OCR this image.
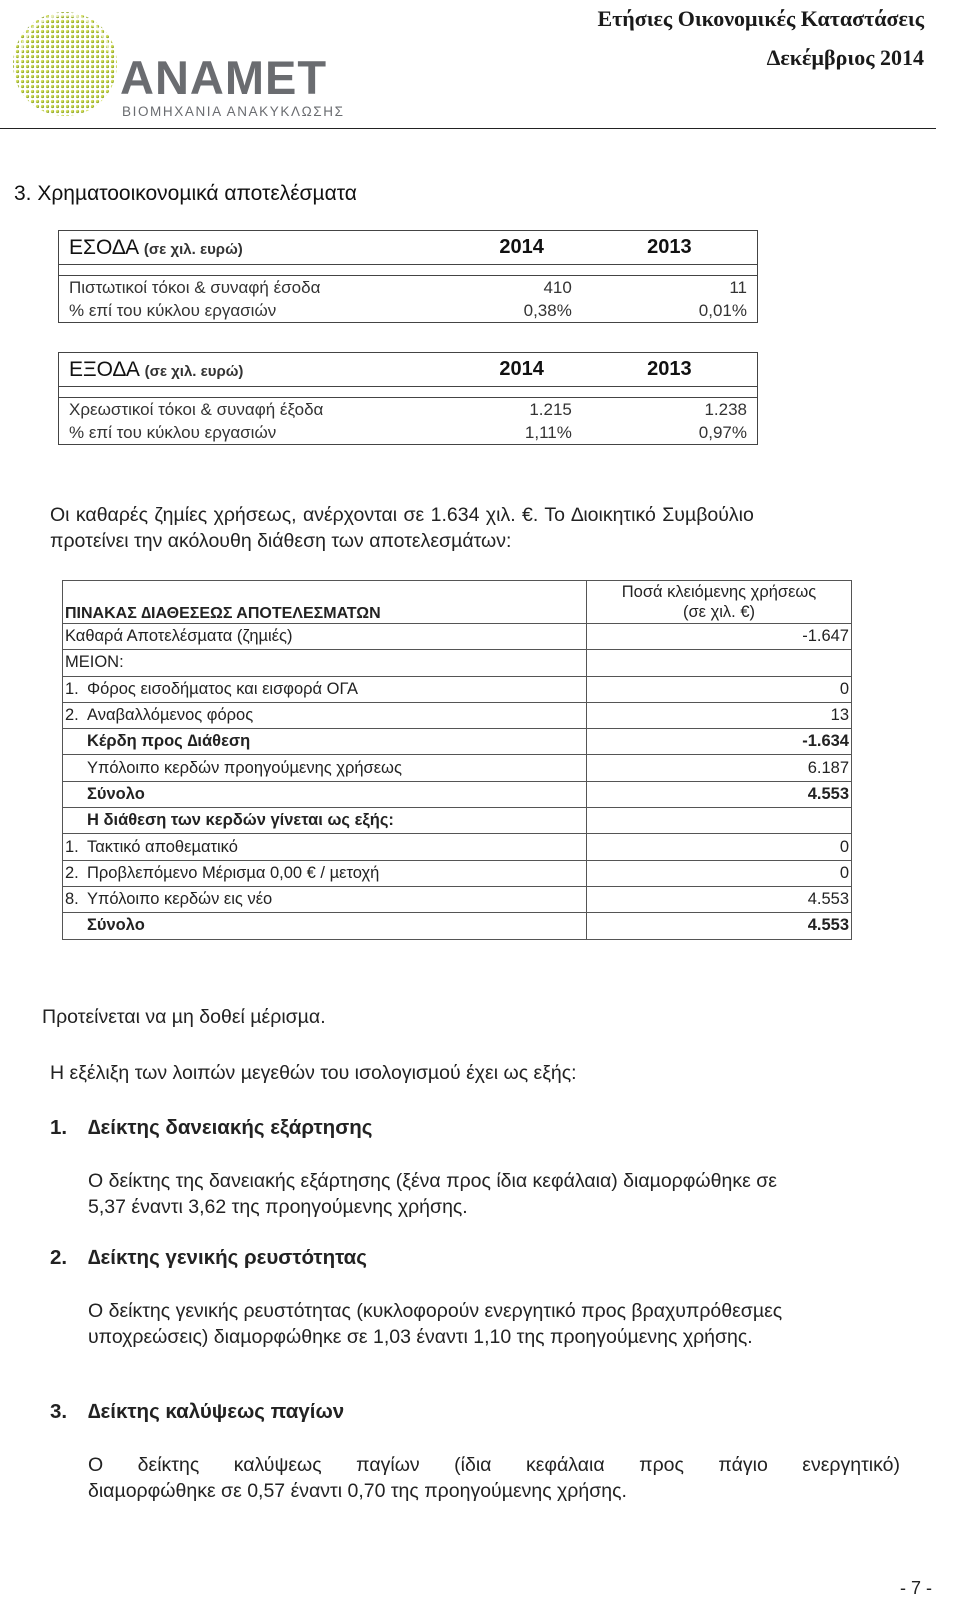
ANAMET
ΒΙΟΜΗΧΑΝΙΑ ΑΝΑΚΥΚΛΩΣΗΣ
Ετήσιες Οικονομικές Καταστάσεις
∆εκέµβριος 2014
3. Χρηµατοοικονοµικά αποτελέσµατα
ΕΣΟ∆Α (σε χιλ. ευρώ)	2014	2013

Πιστωτικοί τόκοι & συναφή έσοδα	410	11
% επί του κύκλου εργασιών	0,38%	0,01%
ΕΞΟ∆Α (σε χιλ. ευρώ)	2014	2013

Χρεωστικοί τόκοι & συναφή έξοδα	1.215	1.238
% επί του κύκλου εργασιών	1,11%	0,97%
Οι καθαρές ζηµίες χρήσεως, ανέρχονται σε 1.634 χιλ. €. Το ∆ιοικητικό Συµβούλιο
προτείνει την ακόλουθη διάθεση των αποτελεσµάτων:
ΠΙΝΑΚΑΣ ∆ΙΑΘΕΣΕΩΣ ΑΠΟΤΕΛΕΣΜΑΤΩΝ		Ποσά κλειόµενης χρήσεως
(σε χιλ. €)

Καθαρά Αποτελέσµατα (ζηµιές)		-1.647
ΜΕΙΟΝ:		
1.	Φόρος εισοδήµατος και εισφορά ΟΓΑ	0
2.	Αναβαλλόµενος φόρος	13
	Κέρδη προς ∆ιάθεση	-1.634
	Υπόλοιπο κερδών προηγούµενης χρήσεως	6.187
	Σύνολο	4.553
	Η διάθεση των κερδών γίνεται ως εξής:	
1.	Τακτικό αποθεµατικό	0
2.	Προβλεπόµενο Μέρισµα 0,00 € / µετοχή	0
8.	Υπόλοιπο κερδών εις νέο	4.553
	Σύνολο	4.553
Προτείνεται να µη δοθεί µέρισµα.
Η εξέλιξη των λοιπών µεγεθών του ισολογισµού έχει ως εξής:
1. ∆είκτης δανειακής εξάρτησης
Ο δείκτης της δανειακής εξάρτησης (ξένα προς ίδια κεφάλαια) διαµορφώθηκε σε
5,37 έναντι 3,62 της προηγούµενης χρήσης.
2. ∆είκτης γενικής ρευστότητας
Ο δείκτης γενικής ρευστότητας (κυκλοφορούν ενεργητικό προς βραχυπρόθεσµες
υποχρεώσεις) διαµορφώθηκε σε 1,03 έναντι 1,10 της προηγούµενης χρήσης.
3. ∆είκτης καλύψεως παγίων
Ο δείκτης καλύψεως παγίων (ίδια κεφάλαια προς πάγιο ενεργητικό)
διαµορφώθηκε σε 0,57 έναντι 0,70 της προηγούµενης χρήσης.
- 7 -
